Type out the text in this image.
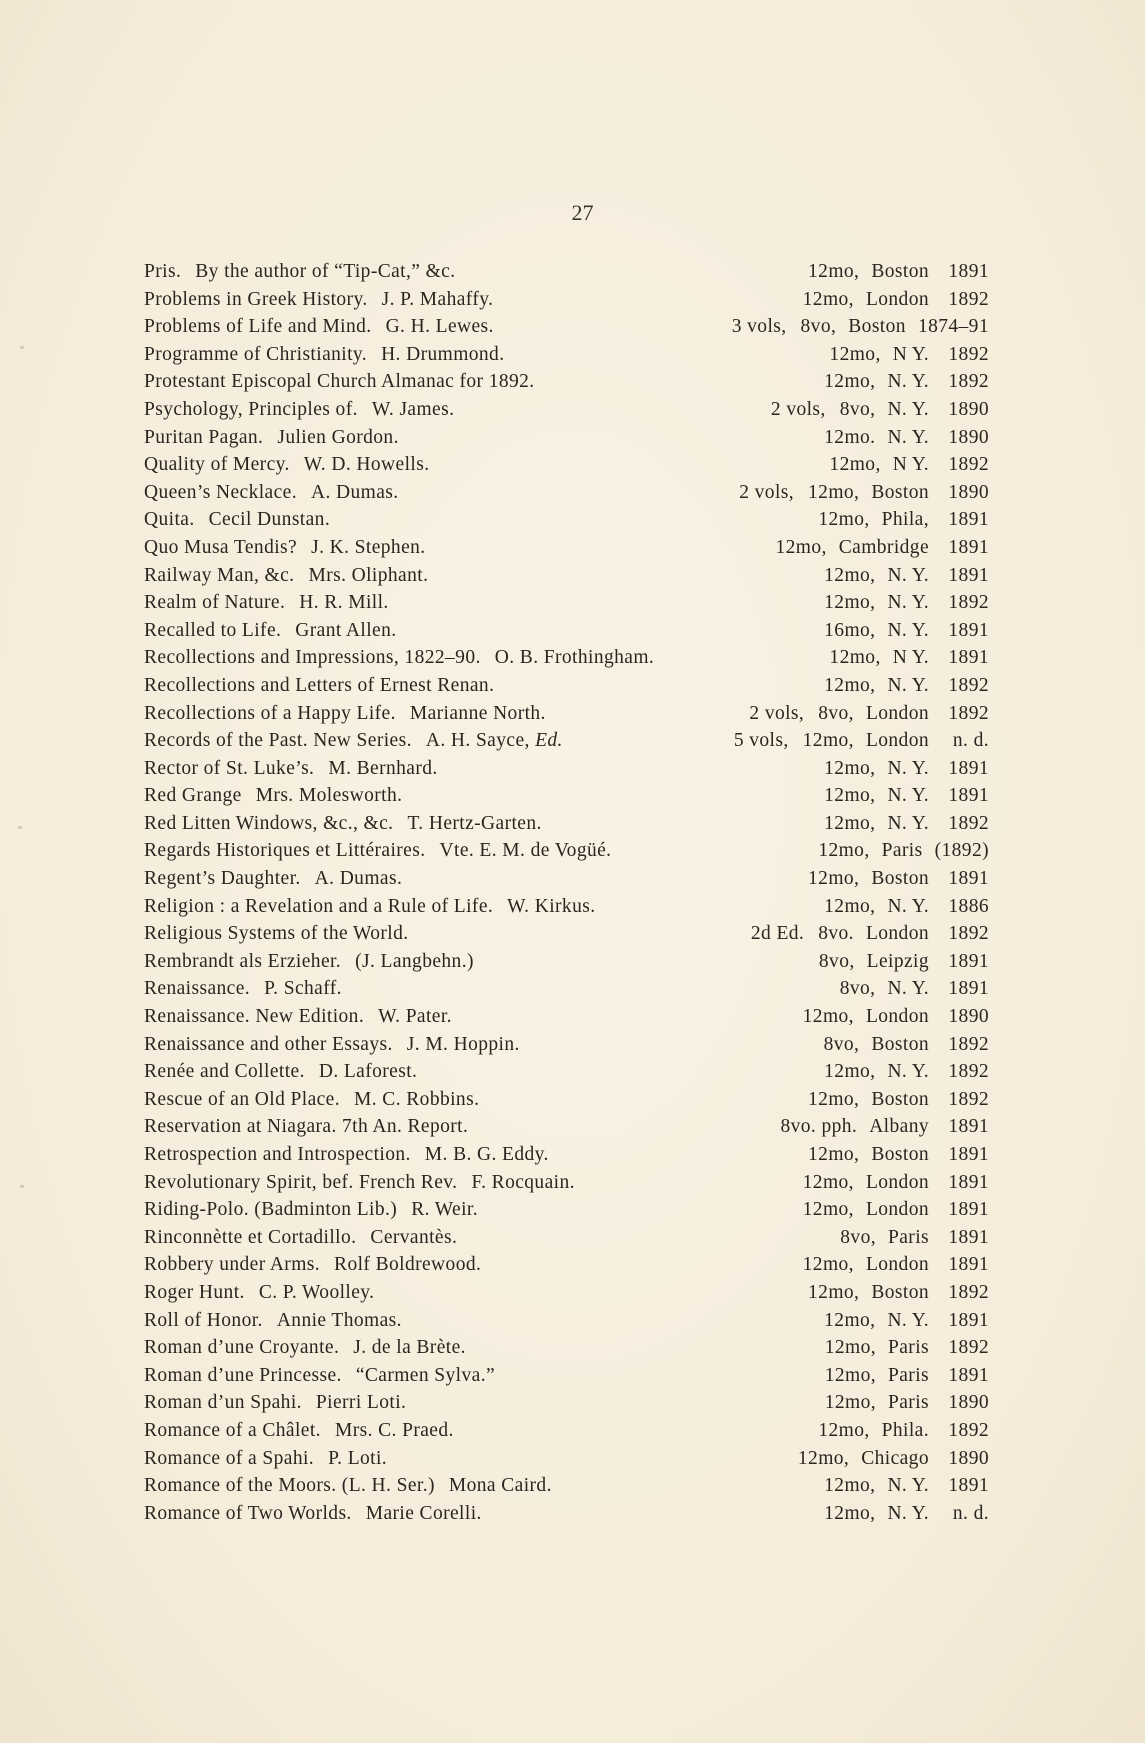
27
Pris. By the author of “Tip-Cat,” &c.	12mo, Boston 1891
Problems in Greek History. J. P. Mahaffy.	12mo, London 1892
Problems of Life and Mind. G. H. Lewes.	3 vols, 8vo, Boston 1874–91
Programme of Christianity. H. Drummond.	12mo, N Y. 1892
Protestant Episcopal Church Almanac for 1892.	12mo, N. Y. 1892
Psychology, Principles of. W. James.	2 vols, 8vo, N. Y. 1890
Puritan Pagan. Julien Gordon.	12mo. N. Y. 1890
Quality of Mercy. W. D. Howells.	12mo, N Y. 1892
Queen’s Necklace. A. Dumas.	2 vols, 12mo, Boston 1890
Quita. Cecil Dunstan.	12mo, Phila, 1891
Quo Musa Tendis? J. K. Stephen.	12mo, Cambridge 1891
Railway Man, &c. Mrs. Oliphant.	12mo, N. Y. 1891
Realm of Nature. H. R. Mill.	12mo, N. Y. 1892
Recalled to Life. Grant Allen.	16mo, N. Y. 1891
Recollections and Impressions, 1822–90. O. B. Frothingham.	12mo, N Y. 1891
Recollections and Letters of Ernest Renan.	12mo, N. Y. 1892
Recollections of a Happy Life. Marianne North.	2 vols, 8vo, London 1892
Records of the Past. New Series. A. H. Sayce, Ed.	5 vols, 12mo, London n. d.
Rector of St. Luke’s. M. Bernhard.	12mo, N. Y. 1891
Red Grange Mrs. Molesworth.	12mo, N. Y. 1891
Red Litten Windows, &c., &c. T. Hertz-Garten.	12mo, N. Y. 1892
Regards Historiques et Littéraires. Vte. E. M. de Vogüé.	12mo, Paris (1892)
Regent’s Daughter. A. Dumas.	12mo, Boston 1891
Religion : a Revelation and a Rule of Life. W. Kirkus.	12mo, N. Y. 1886
Religious Systems of the World.	2d Ed. 8vo. London 1892
Rembrandt als Erzieher. (J. Langbehn.)	8vo, Leipzig 1891
Renaissance. P. Schaff.	8vo, N. Y. 1891
Renaissance. New Edition. W. Pater.	12mo, London 1890
Renaissance and other Essays. J. M. Hoppin.	8vo, Boston 1892
Renée and Collette. D. Laforest.	12mo, N. Y. 1892
Rescue of an Old Place. M. C. Robbins.	12mo, Boston 1892
Reservation at Niagara. 7th An. Report.	8vo. pph. Albany 1891
Retrospection and Introspection. M. B. G. Eddy.	12mo, Boston 1891
Revolutionary Spirit, bef. French Rev. F. Rocquain.	12mo, London 1891
Riding-Polo. (Badminton Lib.) R. Weir.	12mo, London 1891
Rinconnètte et Cortadillo. Cervantès.	8vo, Paris 1891
Robbery under Arms. Rolf Boldrewood.	12mo, London 1891
Roger Hunt. C. P. Woolley.	12mo, Boston 1892
Roll of Honor. Annie Thomas.	12mo, N. Y. 1891
Roman d’une Croyante. J. de la Brète.	12mo, Paris 1892
Roman d’une Princesse. “Carmen Sylva.”	12mo, Paris 1891
Roman d’un Spahi. Pierri Loti.	12mo, Paris 1890
Romance of a Châlet. Mrs. C. Praed.	12mo, Phila. 1892
Romance of a Spahi. P. Loti.	12mo, Chicago 1890
Romance of the Moors. (L. H. Ser.) Mona Caird.	12mo, N. Y. 1891
Romance of Two Worlds. Marie Corelli.	12mo, N. Y. n. d.
